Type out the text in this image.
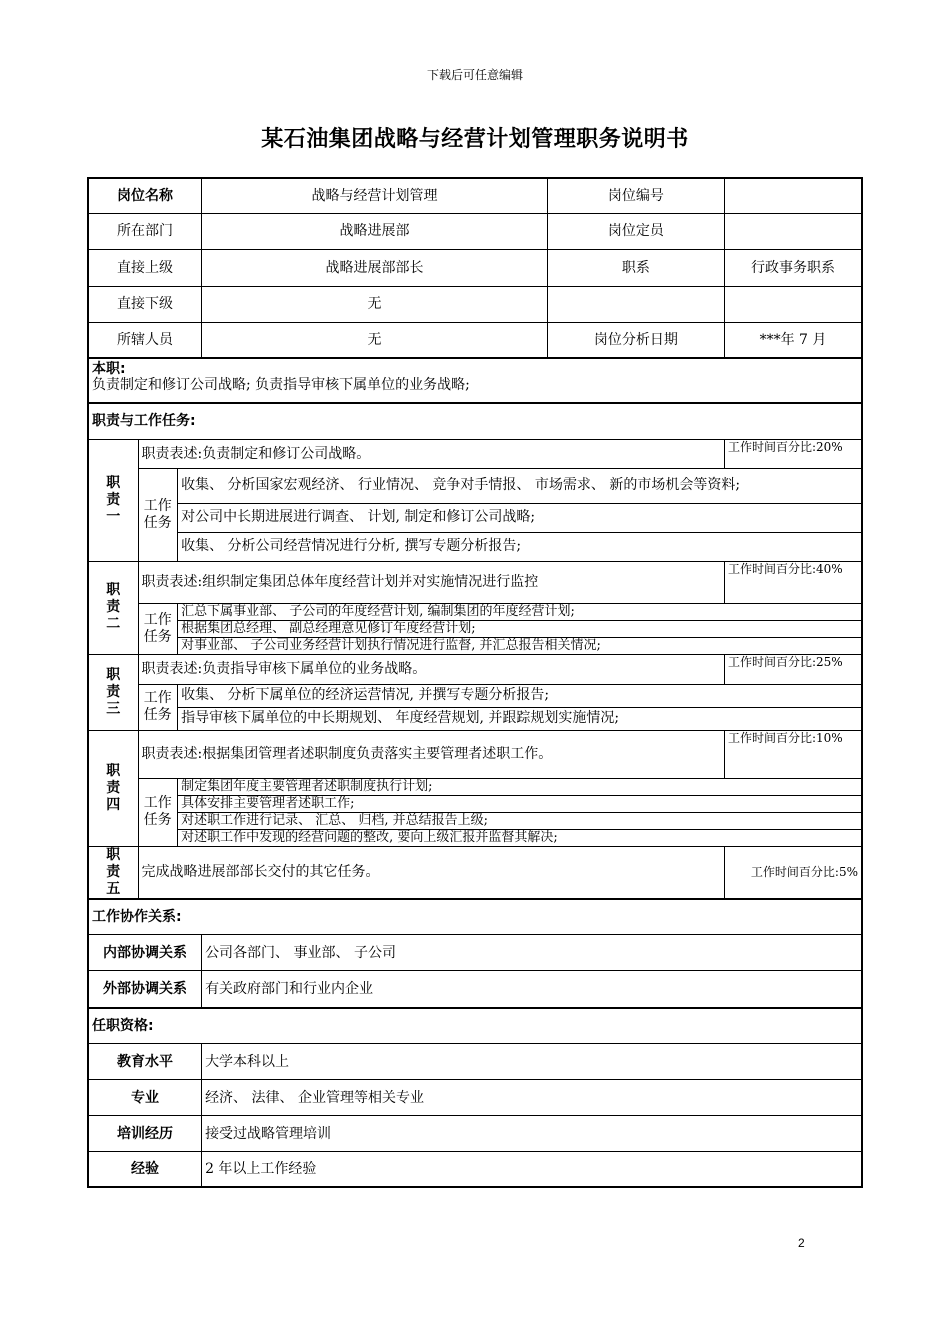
下载后可任意编辑
某石油集团战略与经营计划管理职务说明书
岗位名称			战略与经营计划管理	岗位编号	
所在部门			战略进展部	岗位定员	
直接上级			战略进展部部长	职系	行政事务职系
直接下级			无		
所辖人员			无	岗位分析日期	***年 7 月

本职:
负责制定和修订公司战略; 负责指导审核下属单位的业务战略;					

职责与工作任务:					
职
责
一	职责表述:负责制定和修订公司战略。				工作时间百分比:20%
	工作
任务	收集、 分析国家宏观经济、 行业情况、 竞争对手情报、 市场需求、 新的市场机会等资料;			
		对公司中长期进展进行调查、 计划, 制定和修订公司战略;			
		收集、 分析公司经营情况进行分析, 撰写专题分析报告;			
职
责
二	职责表述:组织制定集团总体年度经营计划并对实施情况进行监控				工作时间百分比:40%
	工作
任务	汇总下属事业部、 子公司的年度经营计划, 编制集团的年度经营计划;			
		根据集团总经理、 副总经理意见修订年度经营计划;			
		对事业部、 子公司业务经营计划执行情况进行监督, 并汇总报告相关情况;			
职
责
三	职责表述:负责指导审核下属单位的业务战略。				工作时间百分比:25%
	工作
任务	收集、 分析下属单位的经济运营情况, 并撰写专题分析报告;			
		指导审核下属单位的中长期规划、 年度经营规划, 并跟踪规划实施情况;			
职
责
四	职责表述:根据集团管理者述职制度负责落实主要管理者述职工作。				工作时间百分比:10%
	工作
任务	制定集团年度主要管理者述职制度执行计划;			
		具体安排主要管理者述职工作;			
		对述职工作进行记录、 汇总、 归档, 并总结报告上级;			
		对述职工作中发现的经营问题的整改, 要向上级汇报并监督其解决;			
职
责
五	完成战略进展部部长交付的其它任务。				工作时间百分比:5%
工作协作关系:					
内部协调关系			公司各部门、 事业部、 子公司		
外部协调关系			有关政府部门和行业内企业		
任职资格:					
教育水平			大学本科以上		
专业			经济、 法律、 企业管理等相关专业		
培训经历			接受过战略管理培训		
经验			2 年以上工作经验		
2
